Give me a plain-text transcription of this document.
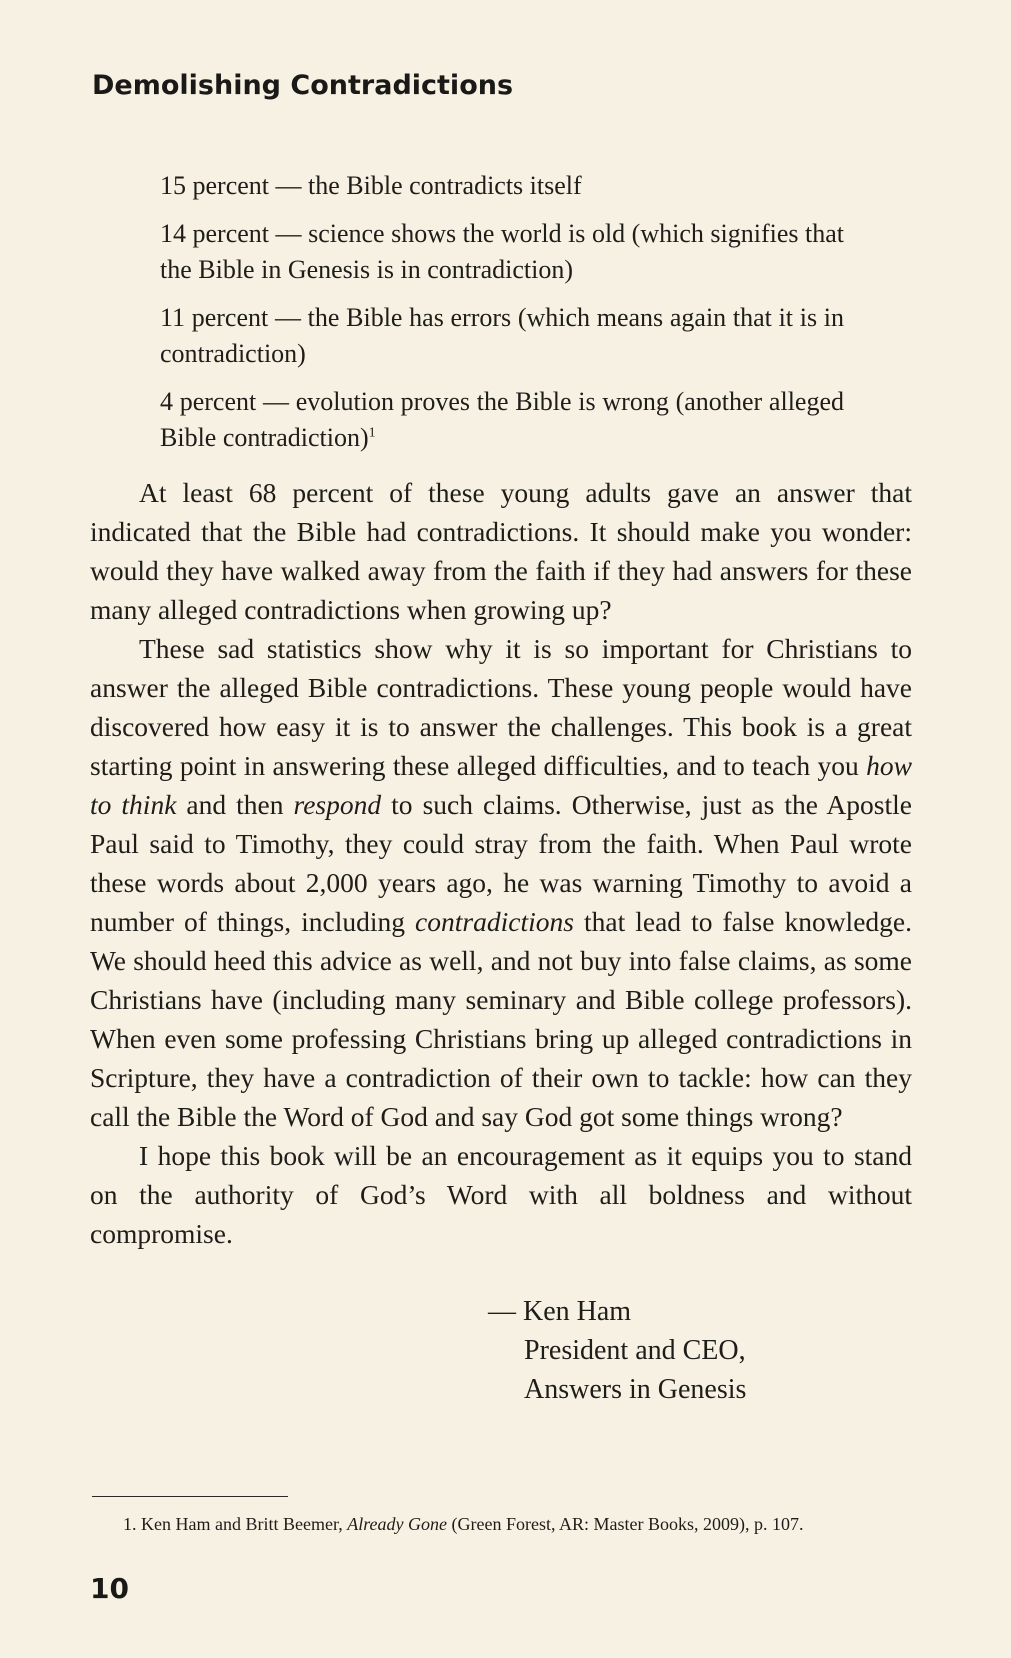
Demolishing Contradictions

15 percent — the Bible contradicts itself

14 percent — science shows the world is old (which signifies that the Bible in Genesis is in contradiction)

11 percent — the Bible has errors (which means again that it is in contradiction)

4 percent — evolution proves the Bible is wrong (another alleged Bible contradiction)$^1$

At least 68 percent of these young adults gave an answer that indicated that the Bible had contradictions. It should make you wonder: would they have walked away from the faith if they had answers for these many alleged contradictions when growing up?

These sad statistics show why it is so important for Christians to answer the alleged Bible contradictions. These young people would have discovered how easy it is to answer the challenges. This book is a great starting point in answering these alleged difficulties, and to teach you how to think and then respond to such claims. Otherwise, just as the Apostle Paul said to Timothy, they could stray from the faith. When Paul wrote these words about 2,000 years ago, he was warning Timothy to avoid a number of things, including contradictions that lead to false knowledge. We should heed this advice as well, and not buy into false claims, as some Christians have (including many seminary and Bible college professors). When even some professing Christians bring up alleged contradictions in Scripture, they have a contradiction of their own to tackle: how can they call the Bible the Word of God and say God got some things wrong?

I hope this book will be an encouragement as it equips you to stand on the authority of God’s Word with all boldness and without compromise.

— Ken Ham
President and CEO,
Answers in Genesis
1. Ken Ham and Britt Beemer, Already Gone (Green Forest, AR: Master Books, 2009), p. 107.
10
